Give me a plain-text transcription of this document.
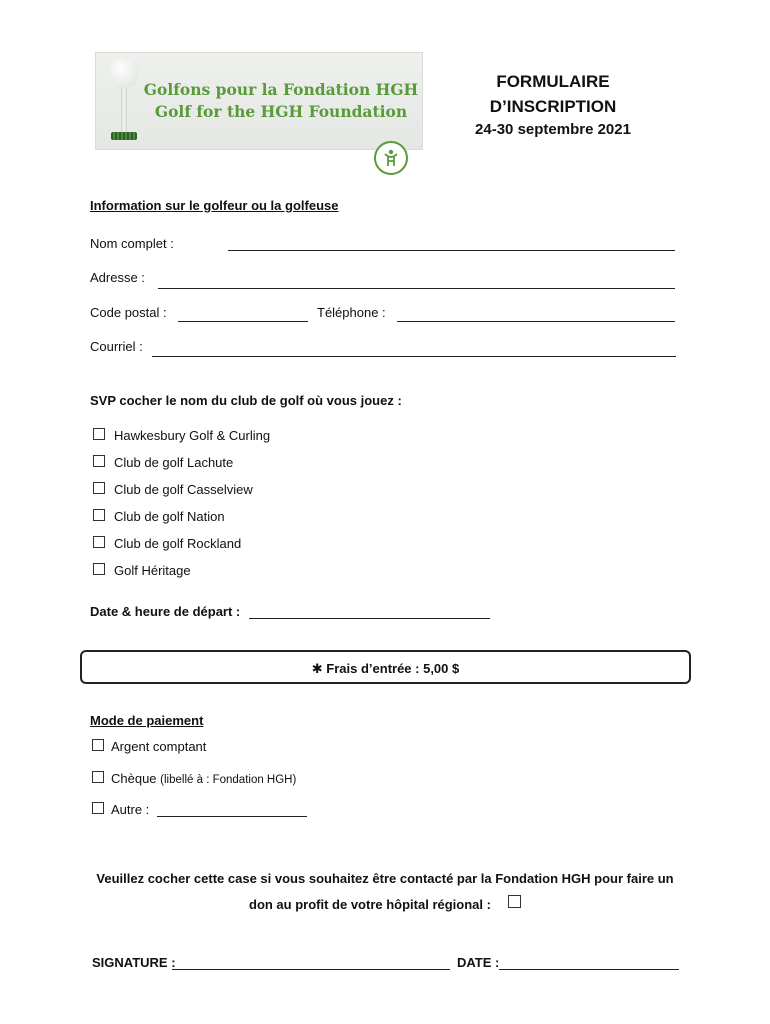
Golfons pour la Fondation HGH
Golf for the HGH Foundation
FORMULAIRE
D’INSCRIPTION
24-30 septembre 2021
Information sur le golfeur ou la golfeuse
Nom complet :
Adresse :
Code postal :	Téléphone :
Courriel :
SVP cocher le nom du club de golf où vous jouez :
Hawkesbury Golf & Curling
Club de golf Lachute
Club de golf Casselview
Club de golf Nation
Club de golf Rockland
Golf Héritage
Date & heure de départ :
✱ Frais d’entrée : 5,00 $
Mode de paiement
Argent comptant
Chèque (libellé à : Fondation HGH)
Autre :
Veuillez cocher cette case si vous souhaitez être contacté par la Fondation HGH pour faire un
don au profit de votre hôpital régional :
SIGNATURE :	DATE :
